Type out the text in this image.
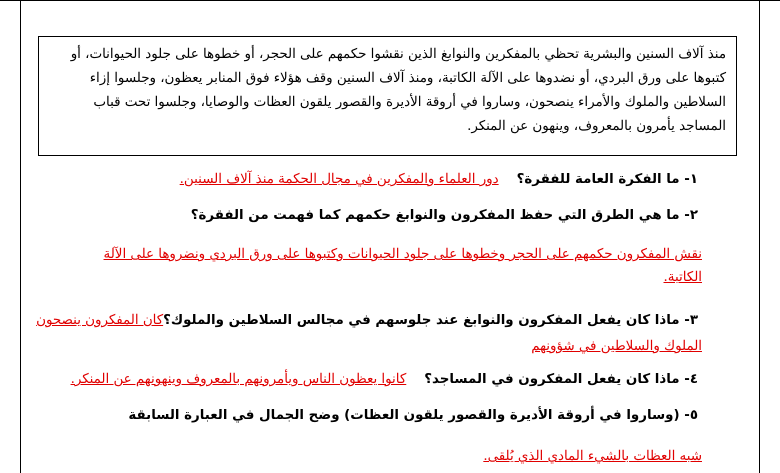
منذ آلاف السنين والبشرية تحظي بالمفكرين والنوابغ الذين نقشوا حكمهم على الحجر، أو خطوها على جلود الحيوانات، أو كتبوها على ورق البردي، أو نضدوها على الآلة الكاتبة، ومنذ آلاف السنين وقف هؤلاء فوق المنابر يعظون، وجلسوا إزاء السلاطين والملوك والأمراء ينصحون، وساروا في أروقة الأديرة والقصور يلقون العظات والوصايا، وجلسوا تحت قباب المساجد يأمرون بالمعروف، وينهون عن المنكر.
١- ما الفكرة العامة للفقرة؟دور العلماء والمفكرين في مجال الحكمة منذ آلاف السنين.
٢- ما هي الطرق التي حفظ المفكرون والنوابغ حكمهم كما فهمت من الفقرة؟
نقش المفكرون حكمهم على الحجر وخطوها على جلود الحيوانات وكتبوها على ورق البردي ونضروها على الآلة الكاتبة.
٣- ماذا كان يفعل المفكرون والنوابغ عند جلوسهم في مجالس السلاطين والملوك؟كان المفكرون ينصحون
الملوك والسلاطين في شؤونهم
٤- ماذا كان يفعل المفكرون في المساجد؟كانوا يعظون الناس ويأمرونهم بالمعروف وينهونهم عن المنكر.
٥- (وساروا في أروقة الأديرة والقصور يلقون العظات) وضح الجمال في العبارة السابقة
شبه العظات بالشيء المادي الذي يُلقى.
